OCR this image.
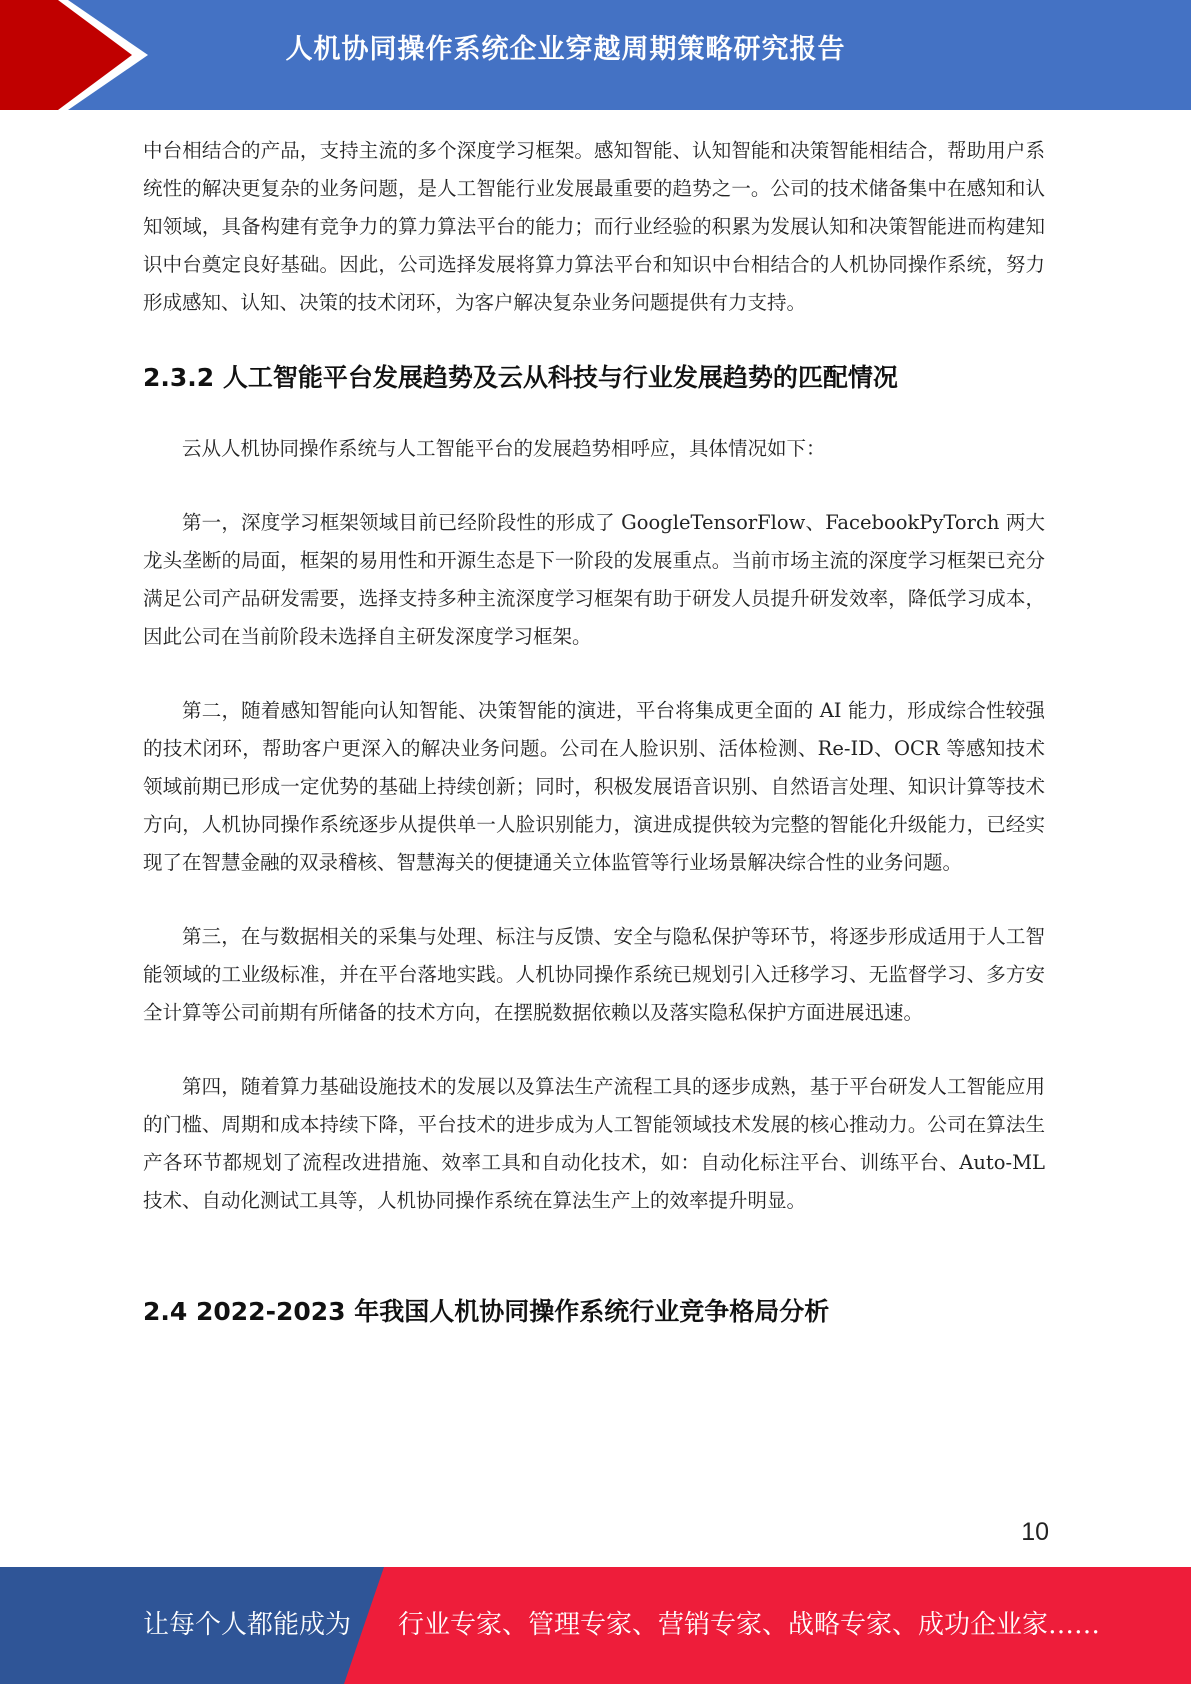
人机协同操作系统企业穿越周期策略研究报告

中台相结合的产品，支持主流的多个深度学习框架。感知智能、认知智能和决策智能相结合，帮助用户系统性的解决更复杂的业务问题，是人工智能行业发展最重要的趋势之一。公司的技术储备集中在感知和认知领域，具备构建有竞争力的算力算法平台的能力；而行业经验的积累为发展认知和决策智能进而构建知识中台奠定良好基础。因此，公司选择发展将算力算法平台和知识中台相结合的人机协同操作系统，努力形成感知、认知、决策的技术闭环，为客户解决复杂业务问题提供有力支持。

2.3.2 人工智能平台发展趋势及云从科技与行业发展趋势的匹配情况

云从人机协同操作系统与人工智能平台的发展趋势相呼应，具体情况如下：

第一，深度学习框架领域目前已经阶段性的形成了 GoogleTensorFlow、FacebookPyTorch 两大龙头垄断的局面，框架的易用性和开源生态是下一阶段的发展重点。当前市场主流的深度学习框架已充分满足公司产品研发需要，选择支持多种主流深度学习框架有助于研发人员提升研发效率，降低学习成本，因此公司在当前阶段未选择自主研发深度学习框架。

第二，随着感知智能向认知智能、决策智能的演进，平台将集成更全面的 AI 能力，形成综合性较强的技术闭环，帮助客户更深入的解决业务问题。公司在人脸识别、活体检测、Re-ID、OCR 等感知技术领域前期已形成一定优势的基础上持续创新；同时，积极发展语音识别、自然语言处理、知识计算等技术方向，人机协同操作系统逐步从提供单一人脸识别能力，演进成提供较为完整的智能化升级能力，已经实现了在智慧金融的双录稽核、智慧海关的便捷通关立体监管等行业场景解决综合性的业务问题。

第三，在与数据相关的采集与处理、标注与反馈、安全与隐私保护等环节，将逐步形成适用于人工智能领域的工业级标准，并在平台落地实践。人机协同操作系统已规划引入迁移学习、无监督学习、多方安全计算等公司前期有所储备的技术方向，在摆脱数据依赖以及落实隐私保护方面进展迅速。

第四，随着算力基础设施技术的发展以及算法生产流程工具的逐步成熟，基于平台研发人工智能应用的门槛、周期和成本持续下降，平台技术的进步成为人工智能领域技术发展的核心推动力。公司在算法生产各环节都规划了流程改进措施、效率工具和自动化技术，如：自动化标注平台、训练平台、Auto-ML 技术、自动化测试工具等，人机协同操作系统在算法生产上的效率提升明显。

2.4 2022-2023 年我国人机协同操作系统行业竞争格局分析
10
让每个人都能成为 行业专家、管理专家、营销专家、战略专家、成功企业家……
